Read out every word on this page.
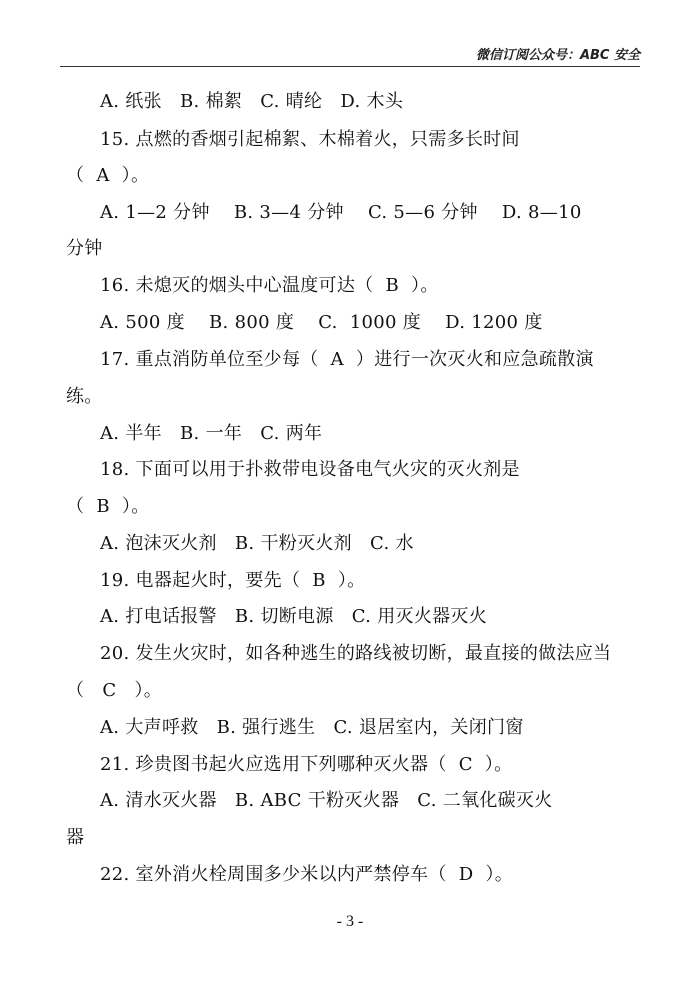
微信订阅公众号：ABC 安全
A. 纸张   B. 棉絮   C. 晴纶   D. 木头
15. 点燃的香烟引起棉絮、木棉着火，只需多长时间
（  A  ）。
A. 1—2 分钟    B. 3—4 分钟    C. 5—6 分钟    D. 8—10
分钟
16. 未熄灭的烟头中心温度可达（  B  ）。
A. 500 度    B. 800 度    C.  1000 度    D. 1200 度
17. 重点消防单位至少每（  A  ）进行一次灭火和应急疏散演
练。
A. 半年   B. 一年   C. 两年
18. 下面可以用于扑救带电设备电气火灾的灭火剂是
（  B  ）。
A. 泡沫灭火剂   B. 干粉灭火剂   C. 水
19. 电器起火时，要先（  B  ）。
A. 打电话报警   B. 切断电源   C. 用灭火器灭火
20. 发生火灾时，如各种逃生的路线被切断，最直接的做法应当
（   C   ）。
A. 大声呼救   B. 强行逃生   C. 退居室内，关闭门窗
21. 珍贵图书起火应选用下列哪种灭火器（  C  ）。
A. 清水灭火器   B. ABC 干粉灭火器   C. 二氧化碳灭火
器
22. 室外消火栓周围多少米以内严禁停车（  D  ）。
- 3 -
